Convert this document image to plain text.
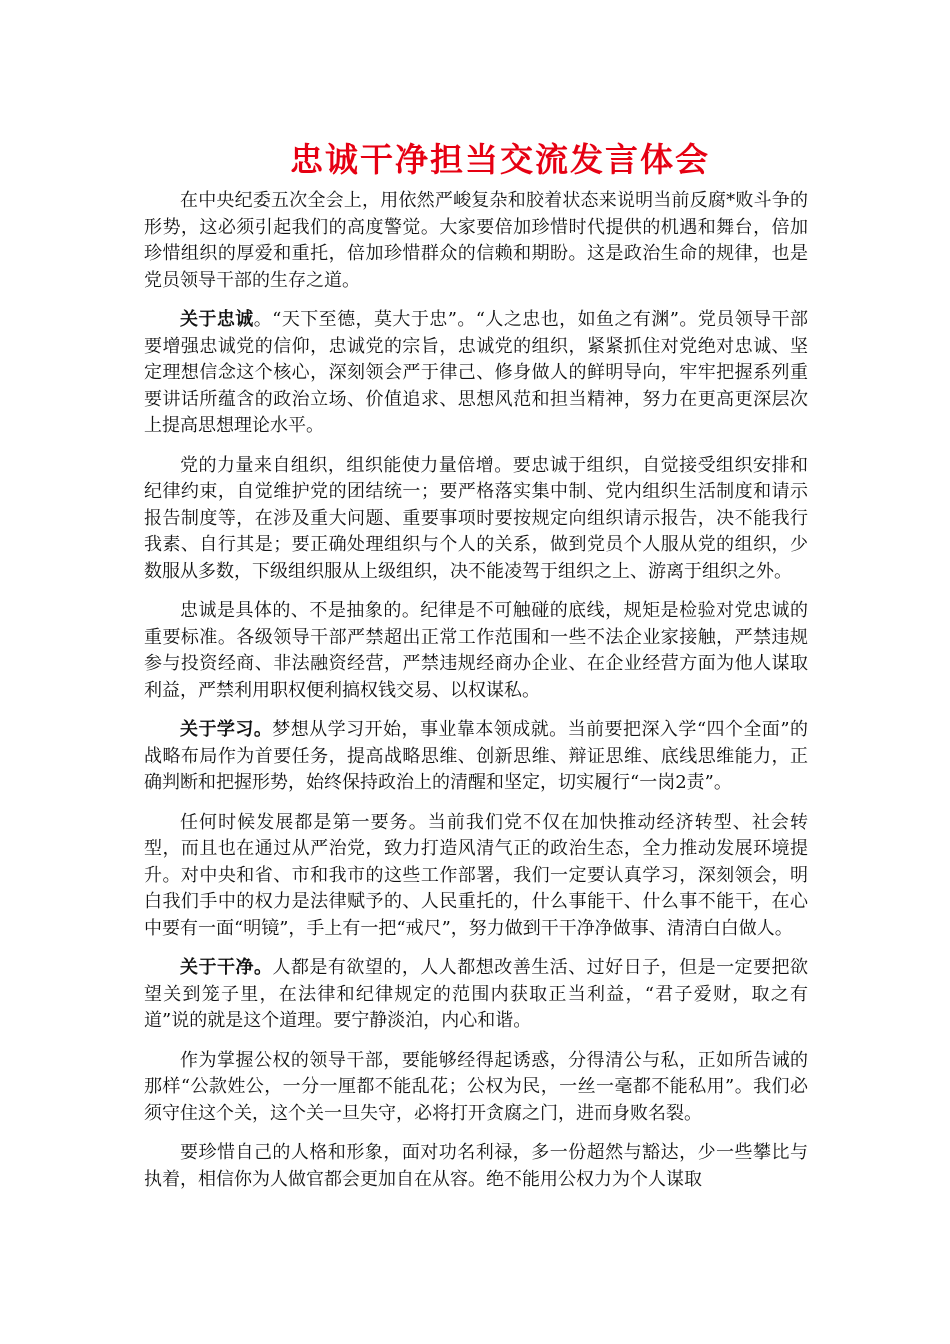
忠诚干净担当交流发言体会

在中央纪委五次全会上，用依然严峻复杂和胶着状态来说明当前反腐*败斗争的形势，这必须引起我们的高度警觉。大家要倍加珍惜时代提供的机遇和舞台，倍加珍惜组织的厚爱和重托，倍加珍惜群众的信赖和期盼。这是政治生命的规律，也是党员领导干部的生存之道。

关于忠诚。“天下至德，莫大于忠”。“人之忠也，如鱼之有渊”。党员领导干部要增强忠诚党的信仰，忠诚党的宗旨，忠诚党的组织，紧紧抓住对党绝对忠诚、坚定理想信念这个核心，深刻领会严于律己、修身做人的鲜明导向，牢牢把握系列重要讲话所蕴含的政治立场、价值追求、思想风范和担当精神，努力在更高更深层次上提高思想理论水平。

党的力量来自组织，组织能使力量倍增。要忠诚于组织，自觉接受组织安排和纪律约束，自觉维护党的团结统一；要严格落实集中制、党内组织生活制度和请示报告制度等，在涉及重大问题、重要事项时要按规定向组织请示报告，决不能我行我素、自行其是；要正确处理组织与个人的关系，做到党员个人服从党的组织，少数服从多数，下级组织服从上级组织，决不能凌驾于组织之上、游离于组织之外。

忠诚是具体的、不是抽象的。纪律是不可触碰的底线，规矩是检验对党忠诚的重要标准。各级领导干部严禁超出正常工作范围和一些不法企业家接触，严禁违规参与投资经商、非法融资经营，严禁违规经商办企业、在企业经营方面为他人谋取利益，严禁利用职权便利搞权钱交易、以权谋私。

关于学习。梦想从学习开始，事业靠本领成就。当前要把深入学“四个全面”的战略布局作为首要任务，提高战略思维、创新思维、辩证思维、底线思维能力，正确判断和把握形势，始终保持政治上的清醒和坚定，切实履行“一岗2责”。

任何时候发展都是第一要务。当前我们党不仅在加快推动经济转型、社会转型，而且也在通过从严治党，致力打造风清气正的政治生态，全力推动发展环境提升。对中央和省、市和我市的这些工作部署，我们一定要认真学习，深刻领会，明白我们手中的权力是法律赋予的、人民重托的，什么事能干、什么事不能干，在心中要有一面“明镜”，手上有一把“戒尺”，努力做到干干净净做事、清清白白做人。

关于干净。人都是有欲望的，人人都想改善生活、过好日子，但是一定要把欲望关到笼子里，在法律和纪律规定的范围内获取正当利益，“君子爱财，取之有道”说的就是这个道理。要宁静淡泊，内心和谐。

作为掌握公权的领导干部，要能够经得起诱惑，分得清公与私，正如所告诫的那样“公款姓公，一分一厘都不能乱花；公权为民，一丝一毫都不能私用”。我们必须守住这个关，这个关一旦失守，必将打开贪腐之门，进而身败名裂。

要珍惜自己的人格和形象，面对功名利禄，多一份超然与豁达，少一些攀比与执着，相信你为人做官都会更加自在从容。绝不能用公权力为个人谋取
